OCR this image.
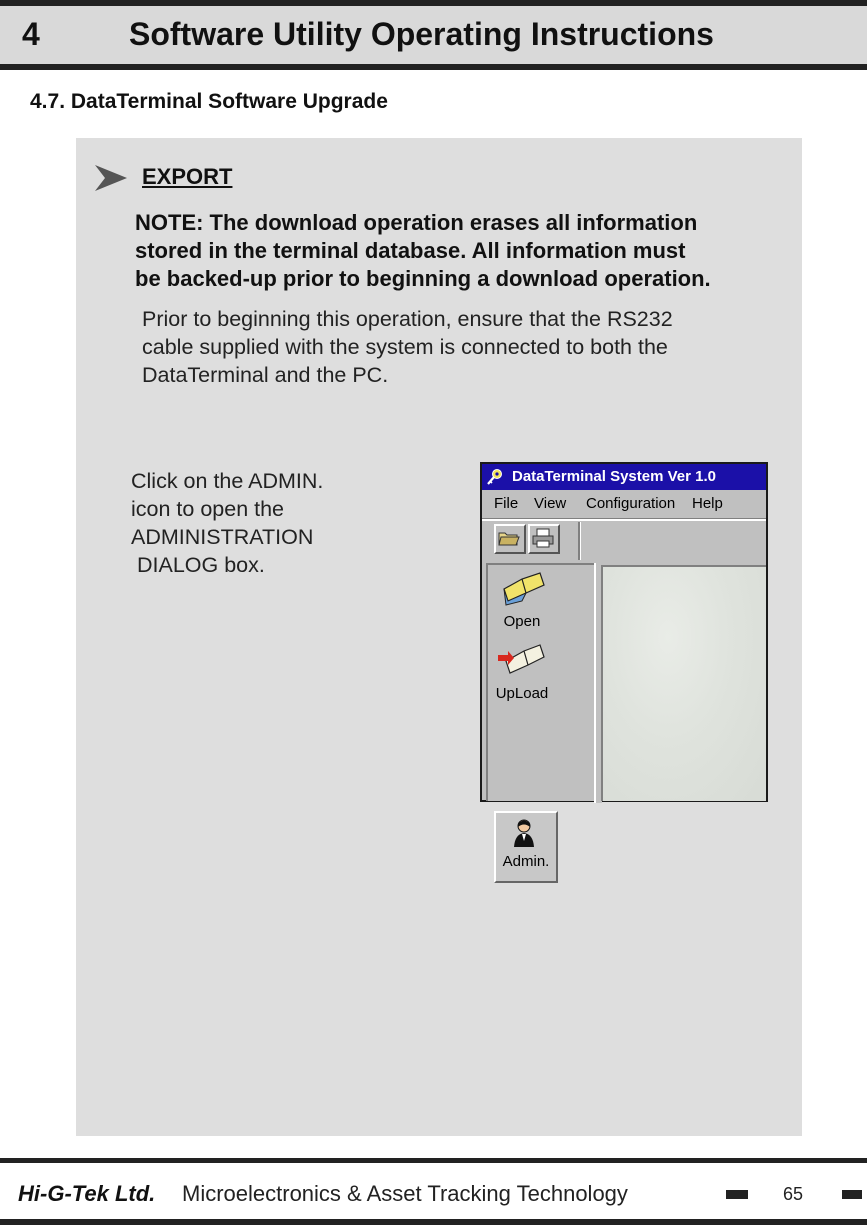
4	Software Utility Operating Instructions
4.7. DataTerminal Software Upgrade
EXPORT
NOTE: The download operation erases all information
stored in the terminal database. All information must
be backed-up prior to beginning a download operation.
Prior to beginning this operation, ensure that the RS232
cable supplied with the system is connected to both the
DataTerminal and the PC.
Click on the ADMIN.
icon to open the
ADMINISTRATION
DIALOG box.
DataTerminal System Ver 1.0
File View Configuration Help
Open
UpLoad
Admin.
Hi-G-Tek Ltd. Microelectronics & Asset Tracking Technology	65
